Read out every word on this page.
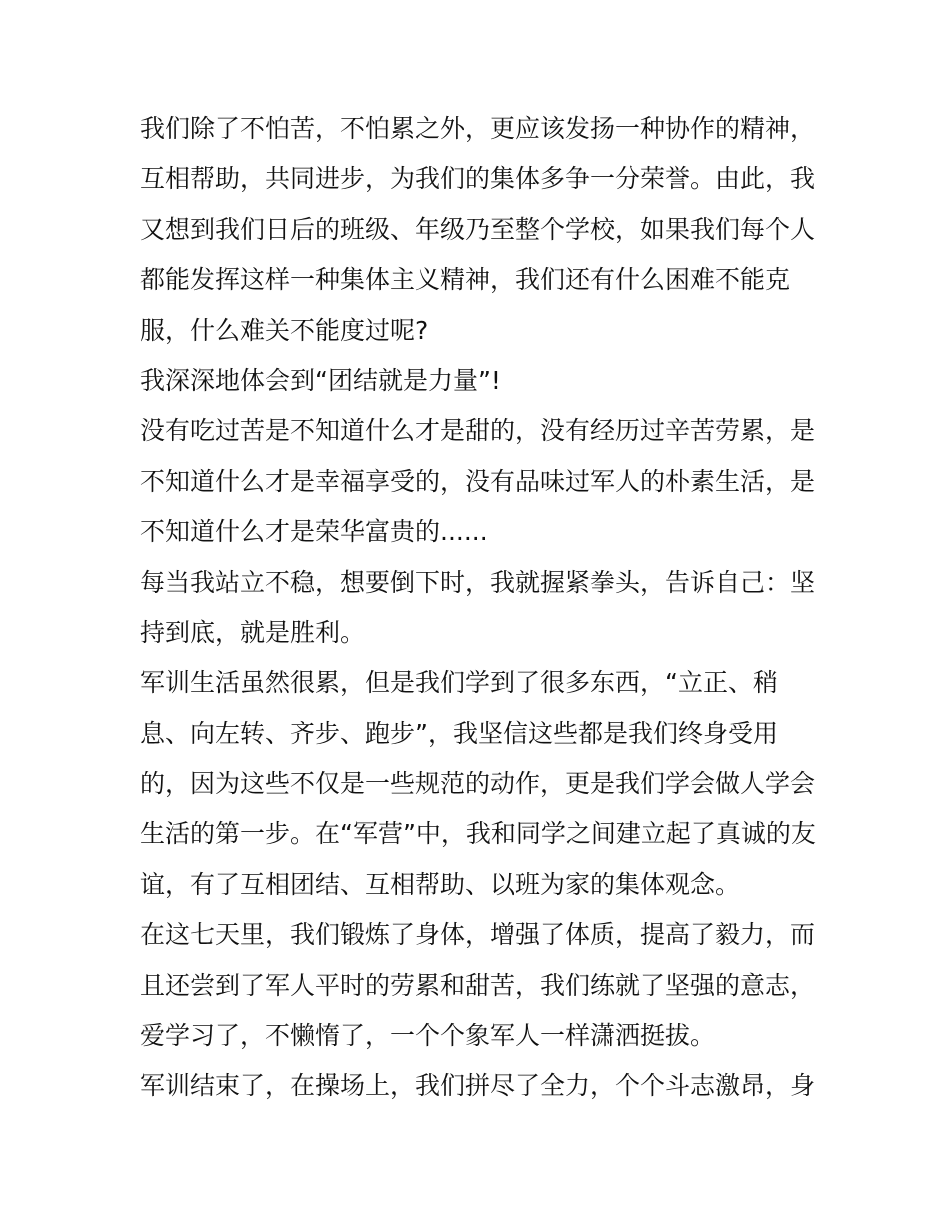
我们除了不怕苦，不怕累之外，更应该发扬一种协作的精神，
互相帮助，共同进步，为我们的集体多争一分荣誉。由此，我
又想到我们日后的班级、年级乃至整个学校，如果我们每个人
都能发挥这样一种集体主义精神，我们还有什么困难不能克
服，什么难关不能度过呢?
我深深地体会到“团结就是力量”!
没有吃过苦是不知道什么才是甜的，没有经历过辛苦劳累，是
不知道什么才是幸福享受的，没有品味过军人的朴素生活，是
不知道什么才是荣华富贵的......
每当我站立不稳，想要倒下时，我就握紧拳头，告诉自己：坚
持到底，就是胜利。
军训生活虽然很累，但是我们学到了很多东西，“立正、稍
息、向左转、齐步、跑步”，我坚信这些都是我们终身受用
的，因为这些不仅是一些规范的动作，更是我们学会做人学会
生活的第一步。在“军营”中，我和同学之间建立起了真诚的友
谊，有了互相团结、互相帮助、以班为家的集体观念。
在这七天里，我们锻炼了身体，增强了体质，提高了毅力，而
且还尝到了军人平时的劳累和甜苦，我们练就了坚强的意志，
爱学习了，不懒惰了，一个个象军人一样潇洒挺拔。
军训结束了，在操场上，我们拼尽了全力，个个斗志激昂，身
